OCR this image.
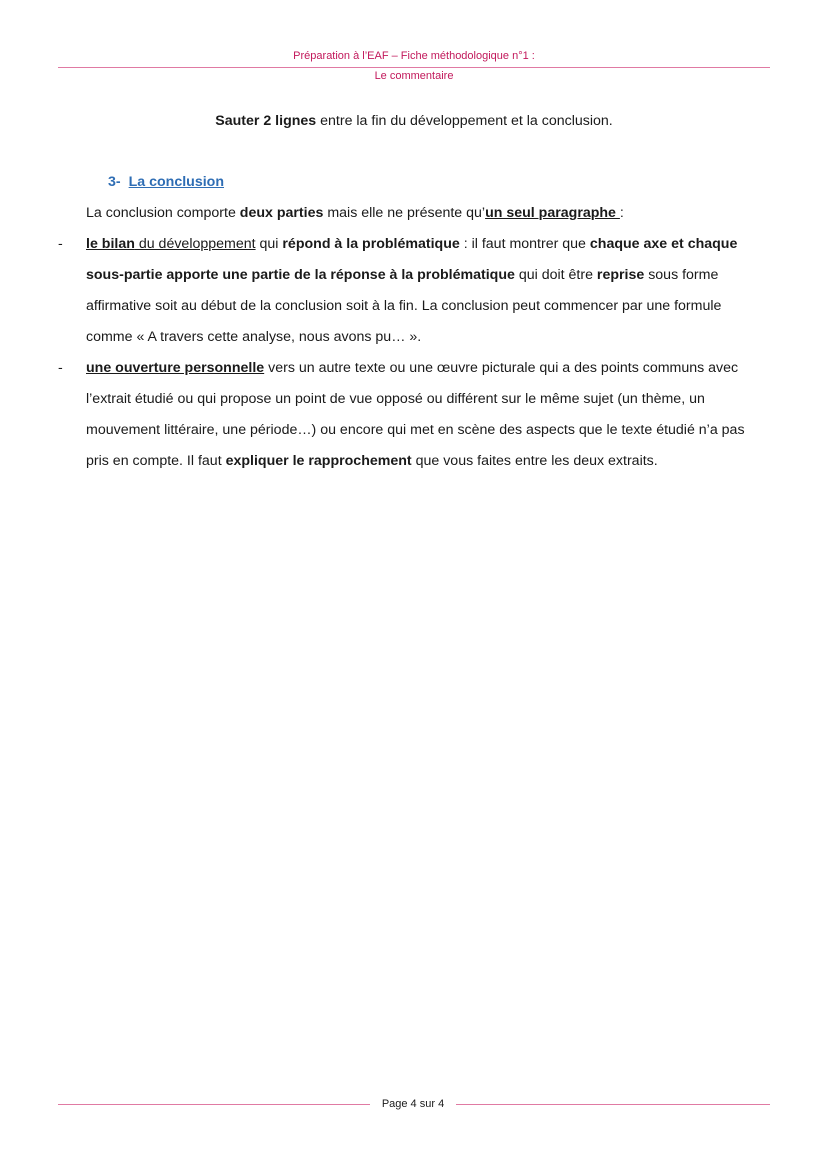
Préparation à l’EAF – Fiche méthodologique n°1 :
Le commentaire

Sauter 2 lignes entre la fin du développement et la conclusion.

3- La conclusion

La conclusion comporte deux parties mais elle ne présente qu’un seul paragraphe :

- le bilan du développement qui répond à la problématique : il faut montrer que chaque axe et chaque sous-partie apporte une partie de la réponse à la problématique qui doit être reprise sous forme affirmative soit au début de la conclusion soit à la fin. La conclusion peut commencer par une formule comme « A travers cette analyse, nous avons pu… ».
- une ouverture personnelle vers un autre texte ou une œuvre picturale qui a des points communs avec l’extrait étudié ou qui propose un point de vue opposé ou différent sur le même sujet (un thème, un mouvement littéraire, une période…) ou encore qui met en scène des aspects que le texte étudié n’a pas pris en compte. Il faut expliquer le rapprochement que vous faites entre les deux extraits.
Page 4 sur 4
